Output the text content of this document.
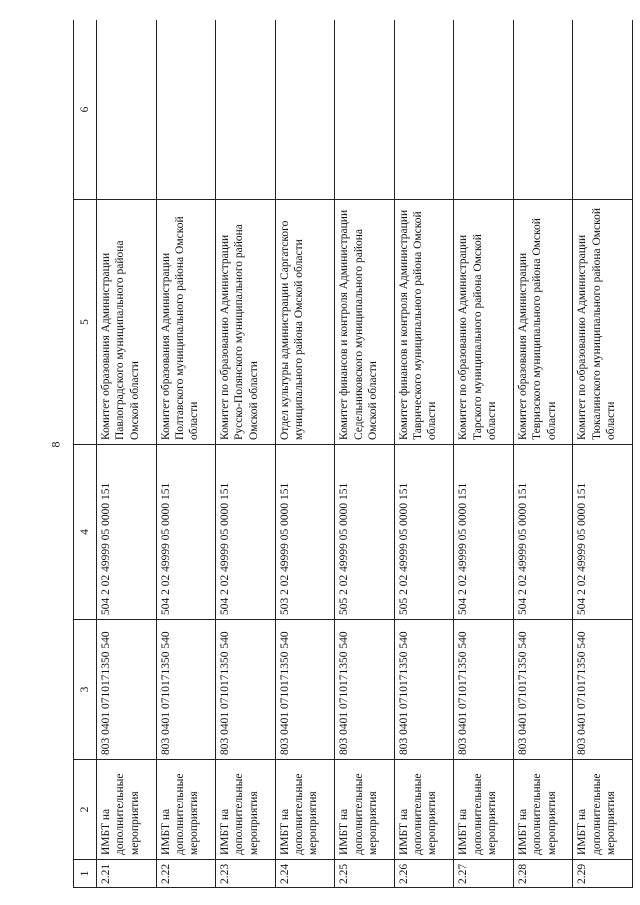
8
1	2	3	4	5	6
2.21	ИМБТ на дополнительные мероприятия	803 0401 0710171350 540	504 2 02 49999 05 0000 151	Комитет образования Администрации Павлоградского муниципального района Омской области	
2.22	ИМБТ на дополнительные мероприятия	803 0401 0710171350 540	504 2 02 49999 05 0000 151	Комитет образования Администрации Полтавского муниципального района Омской области	
2.23	ИМБТ на дополнительные мероприятия	803 0401 0710171350 540	504 2 02 49999 05 0000 151	Комитет по образованию Администрации Русско-Полянского муниципального района Омской области	
2.24	ИМБТ на дополнительные мероприятия	803 0401 0710171350 540	503 2 02 49999 05 0000 151	Отдел культуры администрации Саргатского муниципального района Омской области	
2.25	ИМБТ на дополнительные мероприятия	803 0401 0710171350 540	505 2 02 49999 05 0000 151	Комитет финансов и контроля Администрации Седельниковского муниципального района Омской области	
2.26	ИМБТ на дополнительные мероприятия	803 0401 0710171350 540	505 2 02 49999 05 0000 151	Комитет финансов и контроля Администрации Таврического муниципального района Омской области	
2.27	ИМБТ на дополнительные мероприятия	803 0401 0710171350 540	504 2 02 49999 05 0000 151	Комитет по образованию Администрации Тарского муниципального района Омской области	
2.28	ИМБТ на дополнительные мероприятия	803 0401 0710171350 540	504 2 02 49999 05 0000 151	Комитет образования Администрации Тевризского муниципального района Омской области	
2.29	ИМБТ на дополнительные мероприятия	803 0401 0710171350 540	504 2 02 49999 05 0000 151	Комитет по образованию Администрации Тюкалинского муниципального района Омской области	
